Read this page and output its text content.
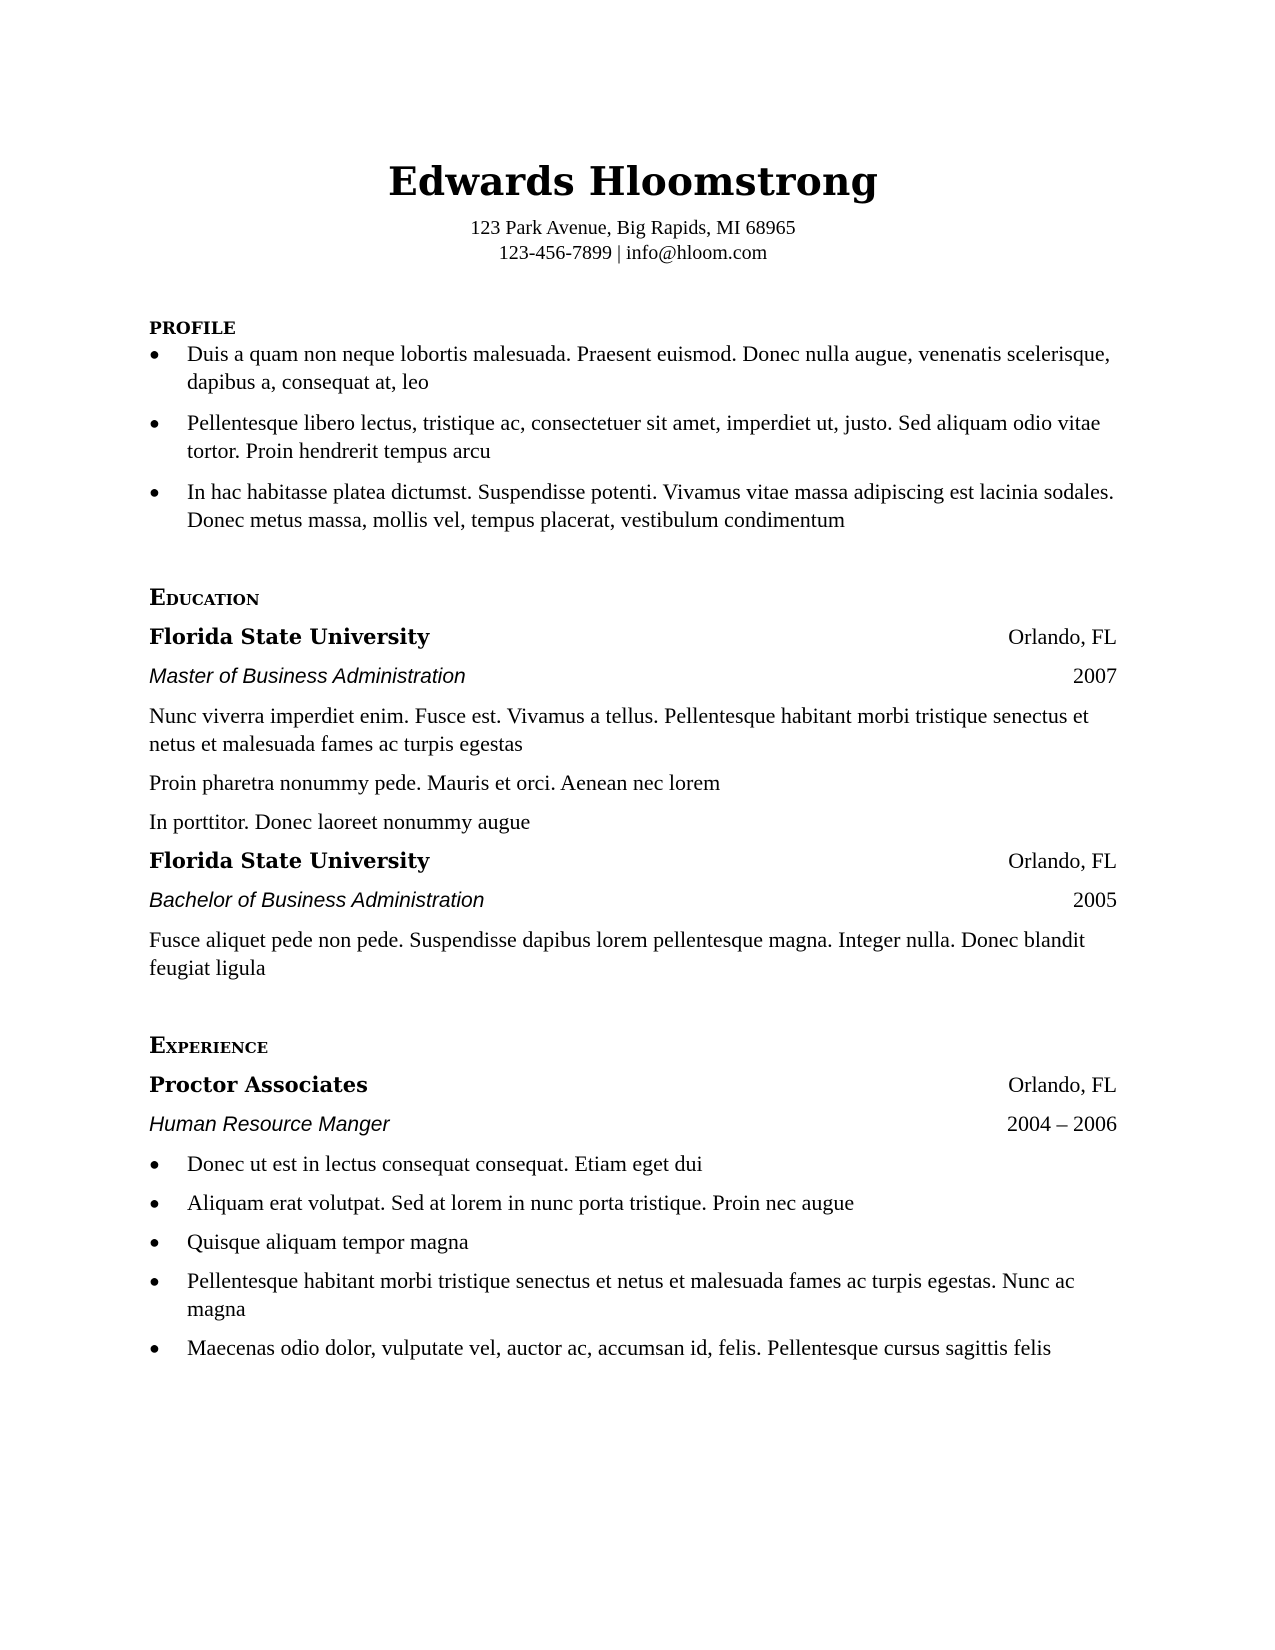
Edwards Hloomstrong
123 Park Avenue, Big Rapids, MI 68965
123-456-7899 | info@hloom.com
PROFILE
● Duis a quam non neque lobortis malesuada. Praesent euismod. Donec nulla augue, venenatis scelerisque, dapibus a, consequat at, leo
● Pellentesque libero lectus, tristique ac, consectetuer sit amet, imperdiet ut, justo. Sed aliquam odio vitae tortor. Proin hendrerit tempus arcu
● In hac habitasse platea dictumst. Suspendisse potenti. Vivamus vitae massa adipiscing est lacinia sodales. Donec metus massa, mollis vel, tempus placerat, vestibulum condimentum
Education
Florida State University	Orlando, FL
Master of Business Administration	2007
Nunc viverra imperdiet enim. Fusce est. Vivamus a tellus. Pellentesque habitant morbi tristique senectus et netus et malesuada fames ac turpis egestas
Proin pharetra nonummy pede. Mauris et orci. Aenean nec lorem
In porttitor. Donec laoreet nonummy augue
Florida State University	Orlando, FL
Bachelor of Business Administration	2005
Fusce aliquet pede non pede. Suspendisse dapibus lorem pellentesque magna. Integer nulla. Donec blandit feugiat ligula
Experience
Proctor Associates	Orlando, FL
Human Resource Manger	2004 – 2006
● Donec ut est in lectus consequat consequat. Etiam eget dui
● Aliquam erat volutpat. Sed at lorem in nunc porta tristique. Proin nec augue
● Quisque aliquam tempor magna
● Pellentesque habitant morbi tristique senectus et netus et malesuada fames ac turpis egestas. Nunc ac magna
● Maecenas odio dolor, vulputate vel, auctor ac, accumsan id, felis. Pellentesque cursus sagittis felis
